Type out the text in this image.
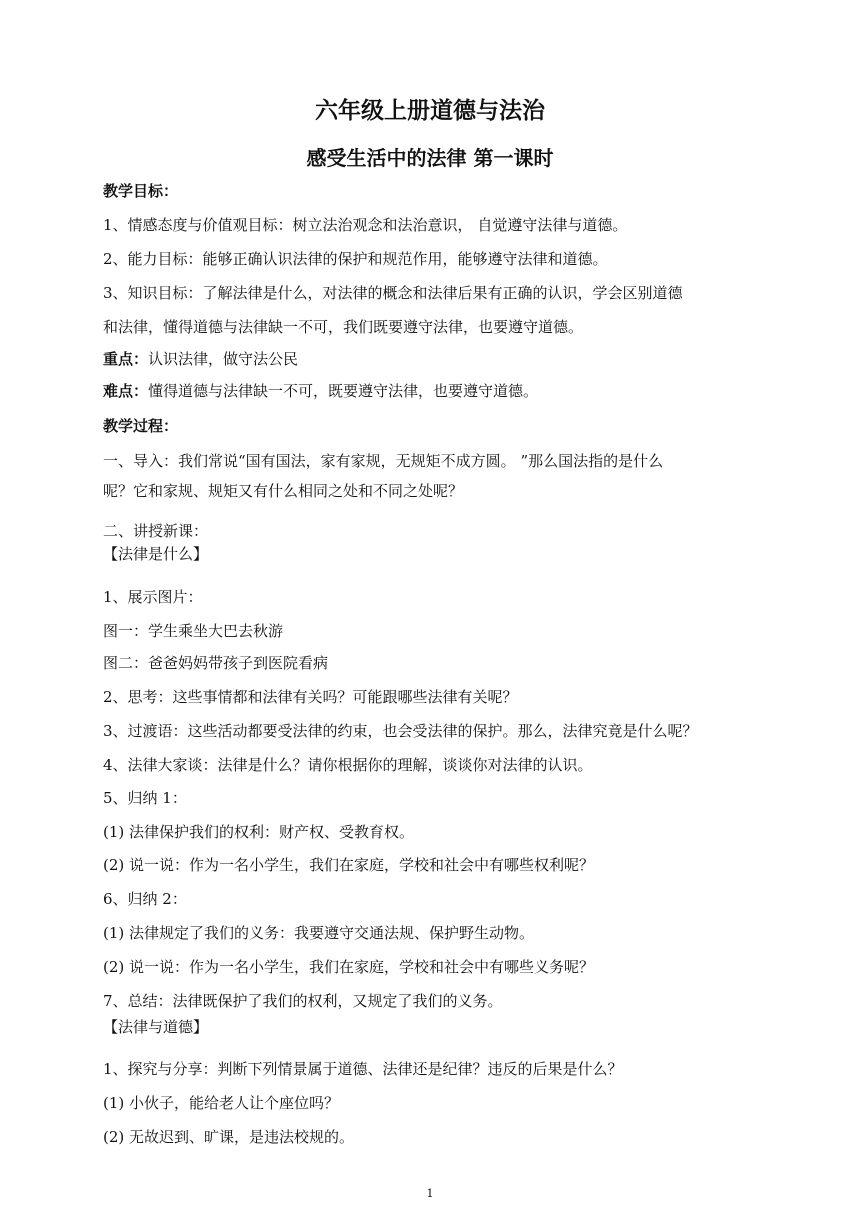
六年级上册道德与法治
感受生活中的法律 第一课时
教学目标：
1、情感态度与价值观目标：树立法治观念和法治意识， 自觉遵守法律与道德。
2、能力目标：能够正确认识法律的保护和规范作用，能够遵守法律和道德。
3、知识目标：了解法律是什么，对法律的概念和法律后果有正确的认识，学会区别道德
和法律，懂得道德与法律缺一不可，我们既要遵守法律，也要遵守道德。
重点：认识法律，做守法公民
难点：懂得道德与法律缺一不可，既要遵守法律，也要遵守道德。
教学过程：
一、导入：我们常说“国有国法，家有家规，无规矩不成方圆。 ”那么国法指的是什么
呢？它和家规、规矩又有什么相同之处和不同之处呢？
二、讲授新课：
【法律是什么】
1、展示图片：
图一：学生乘坐大巴去秋游
图二：爸爸妈妈带孩子到医院看病
2、思考：这些事情都和法律有关吗？可能跟哪些法律有关呢？
3、过渡语：这些活动都要受法律的约束，也会受法律的保护。那么，法律究竟是什么呢？
4、法律大家谈：法律是什么？请你根据你的理解，谈谈你对法律的认识。
5、归纳 1：
(1) 法律保护我们的权利：财产权、受教育权。
(2) 说一说：作为一名小学生，我们在家庭，学校和社会中有哪些权利呢？
6、归纳 2：
(1) 法律规定了我们的义务：我要遵守交通法规、保护野生动物。
(2) 说一说：作为一名小学生，我们在家庭，学校和社会中有哪些义务呢？
7、总结：法律既保护了我们的权利，又规定了我们的义务。
【法律与道德】
1、探究与分享：判断下列情景属于道德、法律还是纪律？违反的后果是什么？
(1) 小伙子，能给老人让个座位吗？
(2) 无故迟到、旷课，是违法校规的。
1
